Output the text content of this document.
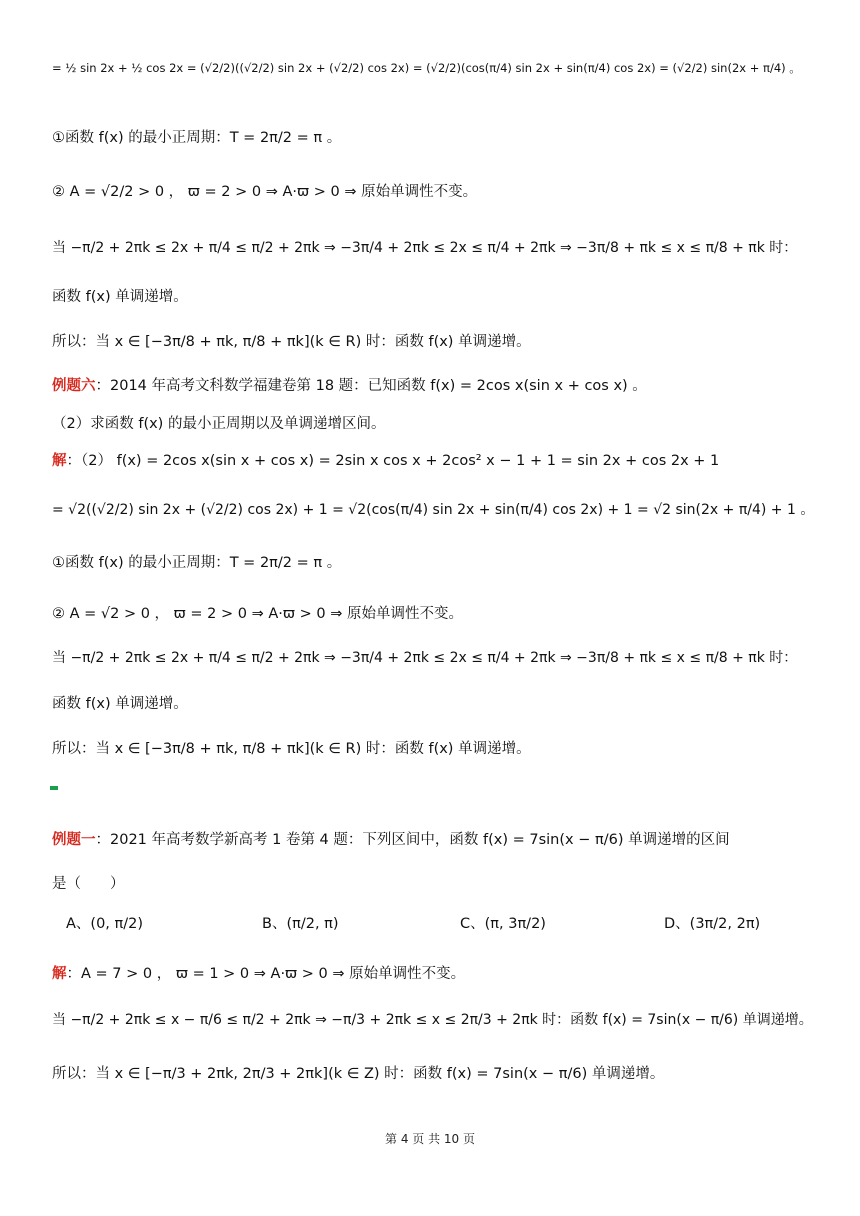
= ½ sin 2x + ½ cos 2x = (√2/2)((√2/2) sin 2x + (√2/2) cos 2x) = (√2/2)(cos(π/4) sin 2x + sin(π/4) cos 2x) = (√2/2) sin(2x + π/4) 。
①函数 f(x) 的最小正周期：T = 2π/2 = π 。
② A = √2/2 > 0 ， ϖ = 2 > 0 ⇒ A·ϖ > 0 ⇒ 原始单调性不变。
当 −π/2 + 2πk ≤ 2x + π/4 ≤ π/2 + 2πk ⇒ −3π/4 + 2πk ≤ 2x ≤ π/4 + 2πk ⇒ −3π/8 + πk ≤ x ≤ π/8 + πk 时：
函数 f(x) 单调递增。
所以：当 x ∈ [−3π/8 + πk, π/8 + πk](k ∈ R) 时：函数 f(x) 单调递增。
例题六 ：2014 年高考文科数学福建卷第 18 题：已知函数 f(x) = 2cos x(sin x + cos x) 。
（2）求函数 f(x) 的最小正周期以及单调递增区间。
解 ：（2） f(x) = 2cos x(sin x + cos x) = 2sin x cos x + 2cos² x − 1 + 1 = sin 2x + cos 2x + 1
= √2((√2/2) sin 2x + (√2/2) cos 2x) + 1 = √2(cos(π/4) sin 2x + sin(π/4) cos 2x) + 1 = √2 sin(2x + π/4) + 1 。
①函数 f(x) 的最小正周期：T = 2π/2 = π 。
② A = √2 > 0 ， ϖ = 2 > 0 ⇒ A·ϖ > 0 ⇒ 原始单调性不变。
当 −π/2 + 2πk ≤ 2x + π/4 ≤ π/2 + 2πk ⇒ −3π/4 + 2πk ≤ 2x ≤ π/4 + 2πk ⇒ −3π/8 + πk ≤ x ≤ π/8 + πk 时：
函数 f(x) 单调递增。
所以：当 x ∈ [−3π/8 + πk, π/8 + πk](k ∈ R) 时：函数 f(x) 单调递增。
例题一 ：2021 年高考数学新高考 1 卷第 4 题：下列区间中，函数 f(x) = 7sin(x − π/6) 单调递增的区间
是（　　）
A、(0, π/2)	B、(π/2, π)	C、(π, 3π/2)	D、(3π/2, 2π)
解 ：A = 7 > 0 ， ϖ = 1 > 0 ⇒ A·ϖ > 0 ⇒ 原始单调性不变。
当 −π/2 + 2πk ≤ x − π/6 ≤ π/2 + 2πk ⇒ −π/3 + 2πk ≤ x ≤ 2π/3 + 2πk 时：函数 f(x) = 7sin(x − π/6) 单调递增。
所以：当 x ∈ [−π/3 + 2πk, 2π/3 + 2πk](k ∈ Z) 时：函数 f(x) = 7sin(x − π/6) 单调递增。
第 4 页 共 10 页
